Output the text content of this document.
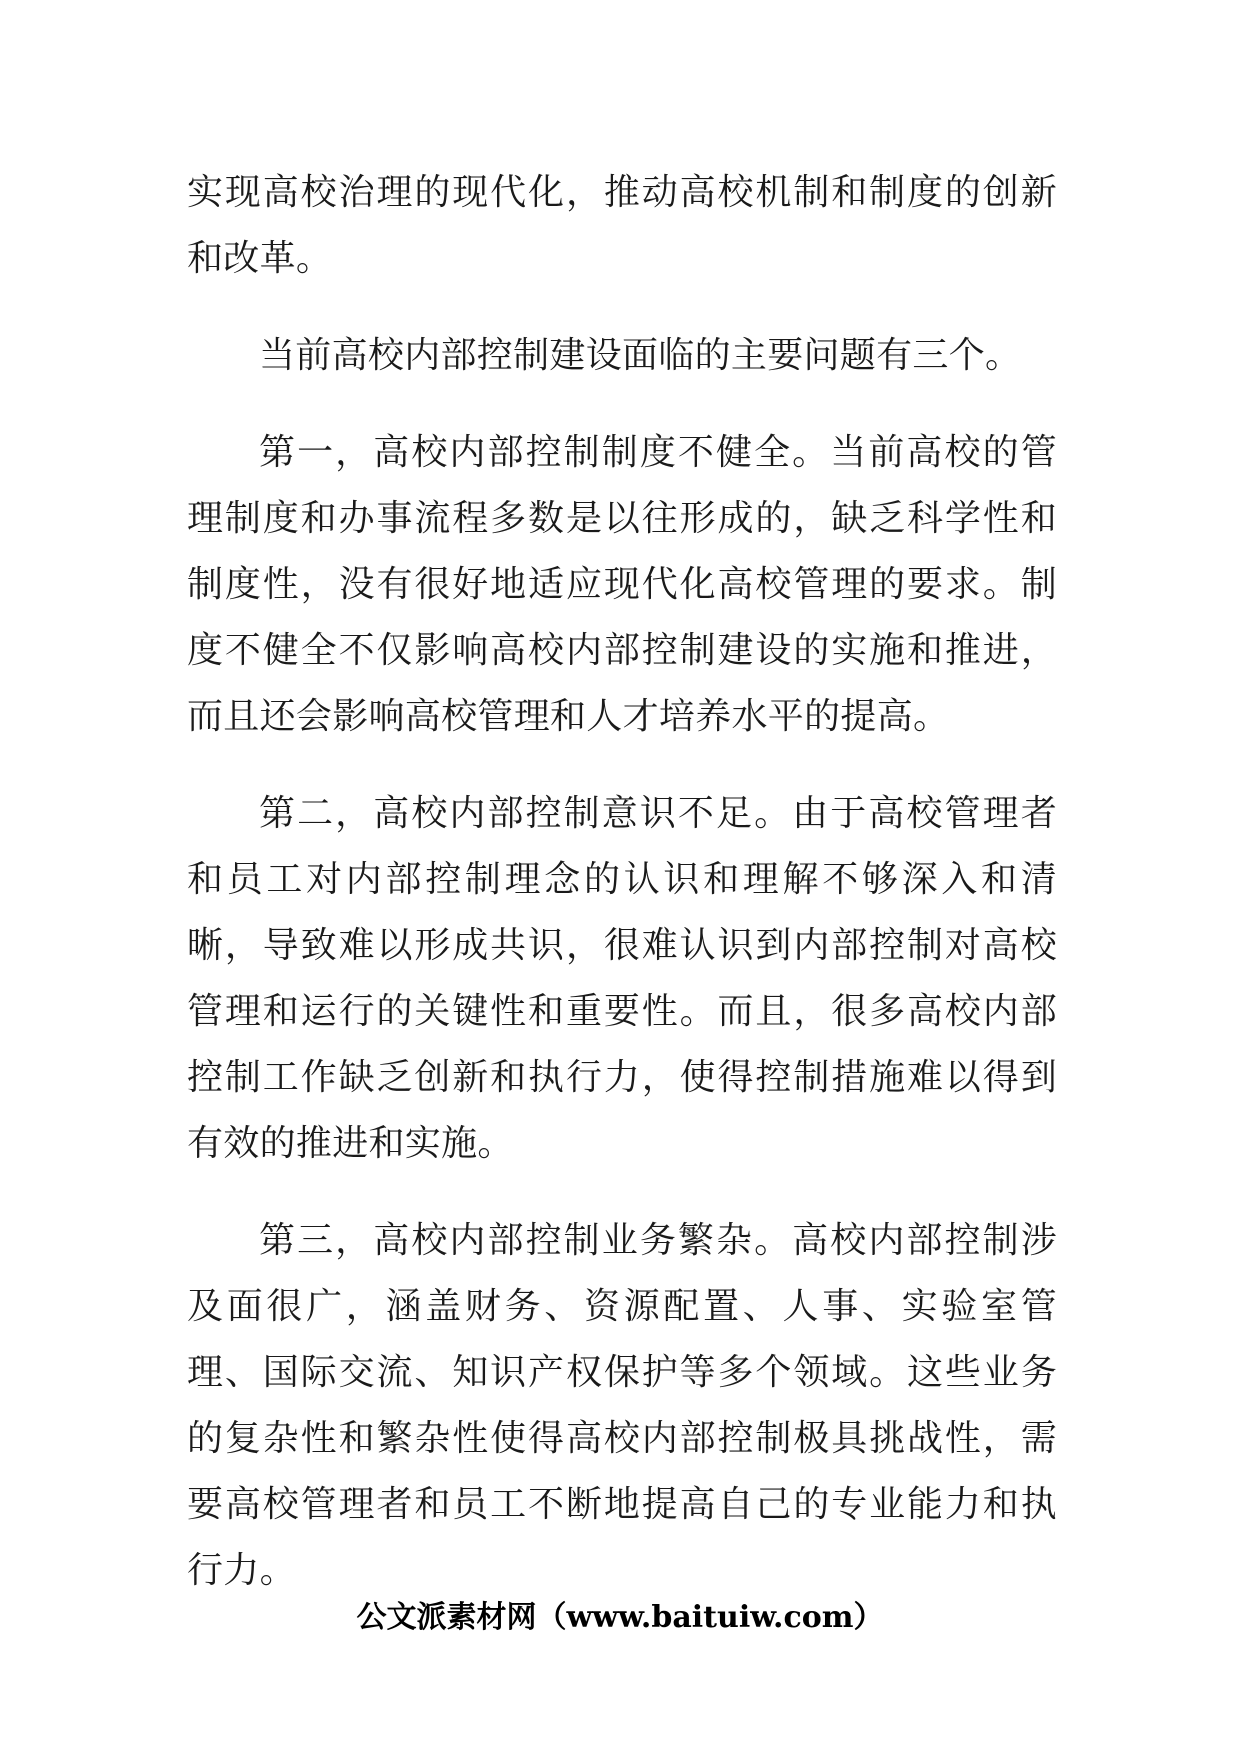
实现高校治理的现代化，推动高校机制和制度的创新和改革。

当前高校内部控制建设面临的主要问题有三个。

第一，高校内部控制制度不健全。当前高校的管理制度和办事流程多数是以往形成的，缺乏科学性和制度性，没有很好地适应现代化高校管理的要求。制度不健全不仅影响高校内部控制建设的实施和推进，而且还会影响高校管理和人才培养水平的提高。

第二，高校内部控制意识不足。由于高校管理者和员工对内部控制理念的认识和理解不够深入和清晰，导致难以形成共识，很难认识到内部控制对高校管理和运行的关键性和重要性。而且，很多高校内部控制工作缺乏创新和执行力，使得控制措施难以得到有效的推进和实施。

第三，高校内部控制业务繁杂。高校内部控制涉及面很广，涵盖财务、资源配置、人事、实验室管理、国际交流、知识产权保护等多个领域。这些业务的复杂性和繁杂性使得高校内部控制极具挑战性，需要高校管理者和员工不断地提高自己的专业能力和执行力。

公文派素材网（www.baituiw.com）
